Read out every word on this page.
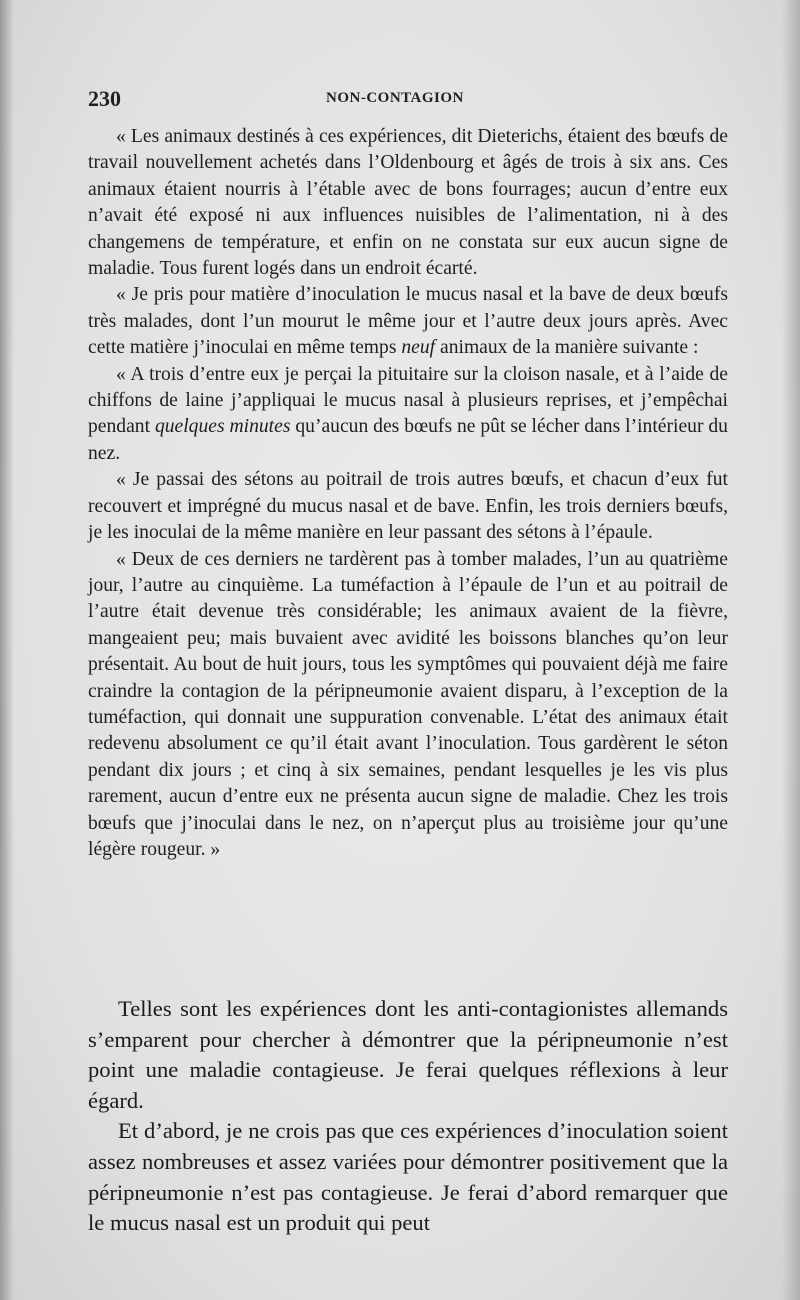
230	NON-CONTAGION

« Les animaux destinés à ces expériences, dit Dieterichs, étaient des bœufs de travail nouvellement achetés dans l’Oldenbourg et âgés de trois à six ans. Ces animaux étaient nourris à l’étable avec de bons fourrages; aucun d’entre eux n’avait été exposé ni aux influences nuisibles de l’alimentation, ni à des changemens de température, et enfin on ne constata sur eux aucun signe de maladie. Tous furent logés dans un endroit écarté.

« Je pris pour matière d’inoculation le mucus nasal et la bave de deux bœufs très malades, dont l’un mourut le même jour et l’autre deux jours après. Avec cette matière j’inoculai en même temps neuf animaux de la manière suivante :

« A trois d’entre eux je perçai la pituitaire sur la cloison nasale, et à l’aide de chiffons de laine j’appliquai le mucus nasal à plusieurs reprises, et j’empêchai pendant quelques minutes qu’aucun des bœufs ne pût se lécher dans l’intérieur du nez.

« Je passai des sétons au poitrail de trois autres bœufs, et chacun d’eux fut recouvert et imprégné du mucus nasal et de bave. Enfin, les trois derniers bœufs, je les inoculai de la même manière en leur passant des sétons à l’épaule.

« Deux de ces derniers ne tardèrent pas à tomber malades, l’un au quatrième jour, l’autre au cinquième. La tuméfaction à l’épaule de l’un et au poitrail de l’autre était devenue très considérable; les animaux avaient de la fièvre, mangeaient peu; mais buvaient avec avidité les boissons blanches qu’on leur présentait. Au bout de huit jours, tous les symptômes qui pouvaient déjà me faire craindre la contagion de la péripneumonie avaient disparu, à l’exception de la tuméfaction, qui donnait une suppuration convenable. L’état des animaux était redevenu absolument ce qu’il était avant l’inoculation. Tous gardèrent le séton pendant dix jours ; et cinq à six semaines, pendant lesquelles je les vis plus rarement, aucun d’entre eux ne présenta aucun signe de maladie. Chez les trois bœufs que j’inoculai dans le nez, on n’aperçut plus au troisième jour qu’une légère rougeur. »

Telles sont les expériences dont les anti-contagionistes allemands s’emparent pour chercher à démontrer que la péripneumonie n’est point une maladie contagieuse. Je ferai quelques réflexions à leur égard.

Et d’abord, je ne crois pas que ces expériences d’inoculation soient assez nombreuses et assez variées pour démontrer positivement que la péripneumonie n’est pas contagieuse. Je ferai d’abord remarquer que le mucus nasal est un produit qui peut
